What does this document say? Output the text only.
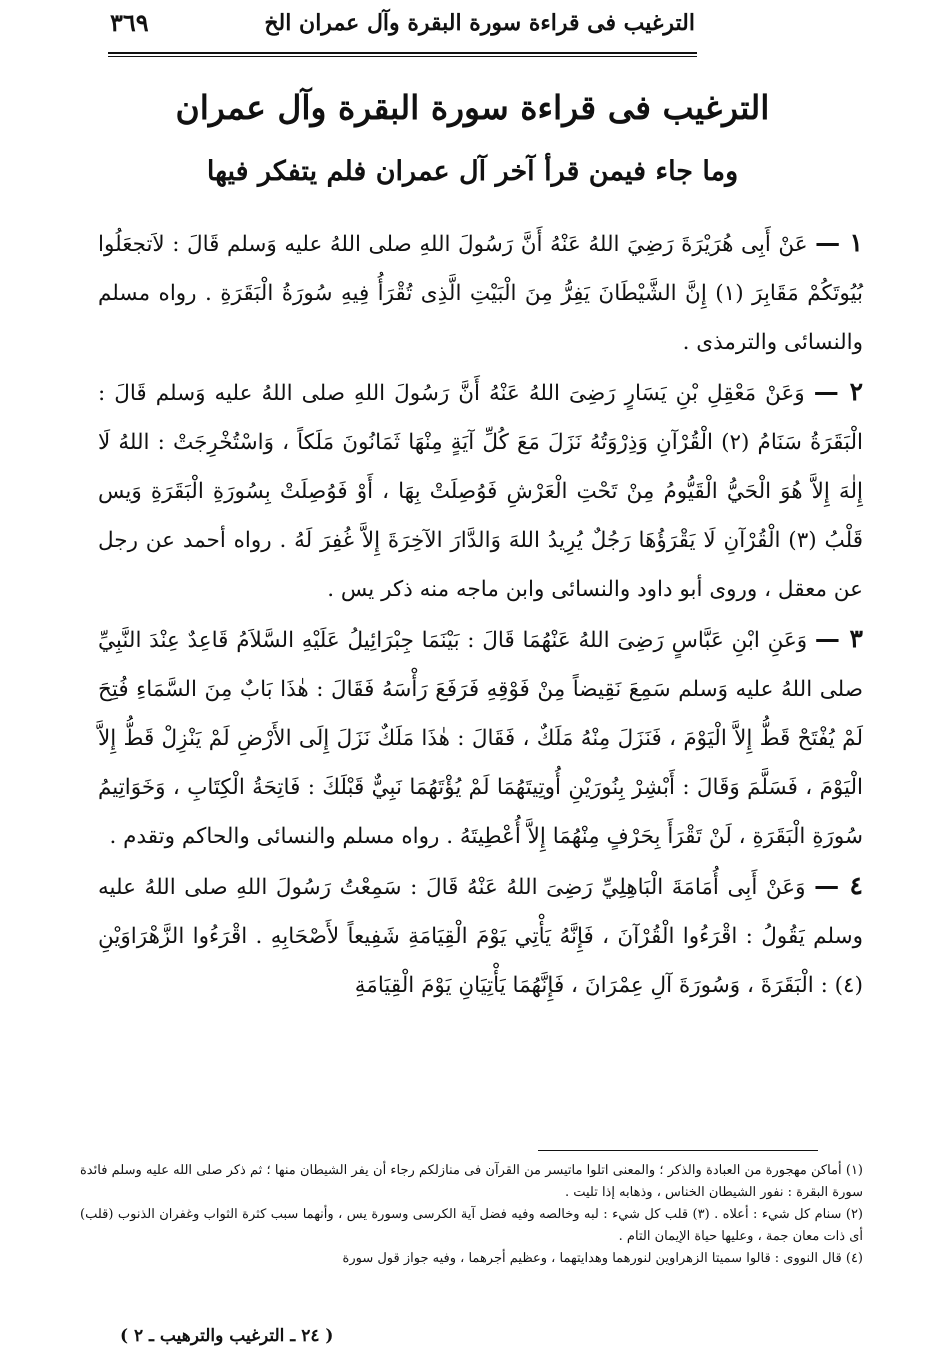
الترغيب فى قراءة سورة البقرة وآل عمران الخ
٣٦٩
الترغيب فى قراءة سورة البقرة وآل عمران
وما جاء فيمن قرأ آخر آل عمران فلم يتفكر فيها

١ — عَنْ أَبِى هُرَيْرَةَ رَضِيَ اللهُ عَنْهُ أَنَّ رَسُولَ اللهِ صلى اللهُ عليه وَسلم قَالَ : لاَتجعَلُوا بُيُوتَكُمْ مَقَابِرَ (١) إِنَّ الشَّيْطَانَ يَفِرُّ مِنَ الْبَيْتِ الَّذِى تُقْرَأُ فِيهِ سُورَةُ الْبَقَرَةِ . رواه مسلم والنسائى والترمذى .

٢ — وَعَنْ مَعْقِلِ بْنِ يَسَارٍ رَضِىَ اللهُ عَنْهُ أَنَّ رَسُولَ اللهِ صلى اللهُ عليه وَسلم قَالَ : الْبَقَرَةُ سَنَامُ (٢) الْقُرْآنِ وَذِرْوَتُهُ نَزَلَ مَعَ كُلِّ آيَةٍ مِنْهَا ثَمَانُونَ مَلَكاً ، وَاسْتُخْرِجَتْ : اللهُ لَا إِلٰهَ إِلاَّ هُوَ الْحَيُّ الْقَيُّومُ مِنْ تَحْتِ الْعَرْشِ فَوُصِلَتْ بِهَا ، أَوْ فَوُصِلَتْ بِسُورَةِ الْبَقَرَةِ وَيس قَلْبُ (٣) الْقُرْآنِ لَا يَقْرَؤُهَا رَجُلٌ يُرِيدُ اللهَ وَالدَّارَ الآخِرَةَ إِلاَّ غُفِرَ لَهُ . رواه أحمد عن رجل عن معقل ، وروى أبو داود والنسائى وابن ماجه منه ذكر يس .

٣ — وَعَنِ ابْنِ عَبَّاسٍ رَضِىَ اللهُ عَنْهُمَا قَالَ : بَيْنَمَا جِبْرَائِيلُ عَلَيْهِ السَّلاَمُ قَاعِدٌ عِنْدَ النَّبِيِّ صلى اللهُ عليه وَسلم سَمِعَ نَقِيضاً مِنْ فَوْقِهِ فَرَفَعَ رَأْسَهُ فَقَالَ : هٰذَا بَابٌ مِنَ السَّمَاءِ فُتِحَ لَمْ يُفْتَحْ قَطُّ إِلاَّ الْيَوْمَ ، فَنَزَلَ مِنْهُ مَلَكٌ ، فَقَالَ : هٰذَا مَلَكٌ نَزَلَ إِلَى الأَرْضِ لَمْ يَنْزِلْ قَطُّ إِلاَّ الْيَوْمَ ، فَسَلَّمَ وَقَالَ : أَبْشِرْ بِنُورَيْنِ أُوتِيتَهُمَا لَمْ يُؤْتَهُمَا نَبِيٌّ قَبْلَكَ : فَاتِحَةُ الْكِتَابِ ، وَخَوَاتِيمُ سُورَةِ الْبَقَرَةِ ، لَنْ تَقْرَأَ بِحَرْفٍ مِنْهُمَا إِلاَّ أُعْطِيتَهُ . رواه مسلم والنسائى والحاكم وتقدم .

٤ — وَعَنْ أَبِى أُمَامَةَ الْبَاهِلِيِّ رَضِىَ اللهُ عَنْهُ قَالَ : سَمِعْتُ رَسُولَ اللهِ صلى اللهُ عليه وسلم يَقُولُ : اقْرَءُوا الْقُرْآنَ ، فَإِنَّهُ يَأْتِي يَوْمَ الْقِيَامَةِ شَفِيعاً لأَصْحَابِهِ . اقْرَءُوا الزَّهْرَاوَيْنِ (٤) : الْبَقَرَةَ ، وَسُورَةَ آلِ عِمْرَانَ ، فَإِنَّهُمَا يَأْتِيَانِ يَوْمَ الْقِيَامَةِ

(١) أماكن مهجورة من العبادة والذكر ؛ والمعنى اتلوا ماتيسر من القرآن فى منازلكم رجاء أن يفر الشيطان منها ؛ ثم ذكر صلى الله عليه وسلم فائدة سورة البقرة : نفور الشيطان الخناس ، وذهابه إذا تليت .

(٢) سنام كل شيء : أعلاه . (٣) قلب كل شيء : لبه وخالصه وفيه فضل آية الكرسى وسورة يس ، وأنهما سبب كثرة الثواب وغفران الذنوب (قلب) أى ذات معان جمة ، وعليها حياة الإيمان التام .

(٤) قال النووى : قالوا سميتا الزهراوين لنورهما وهدايتهما ، وعظيم أجرهما ، وفيه جواز قول سورة

( ٢٤ ـ الترغيب والترهيب ـ ٢ )
